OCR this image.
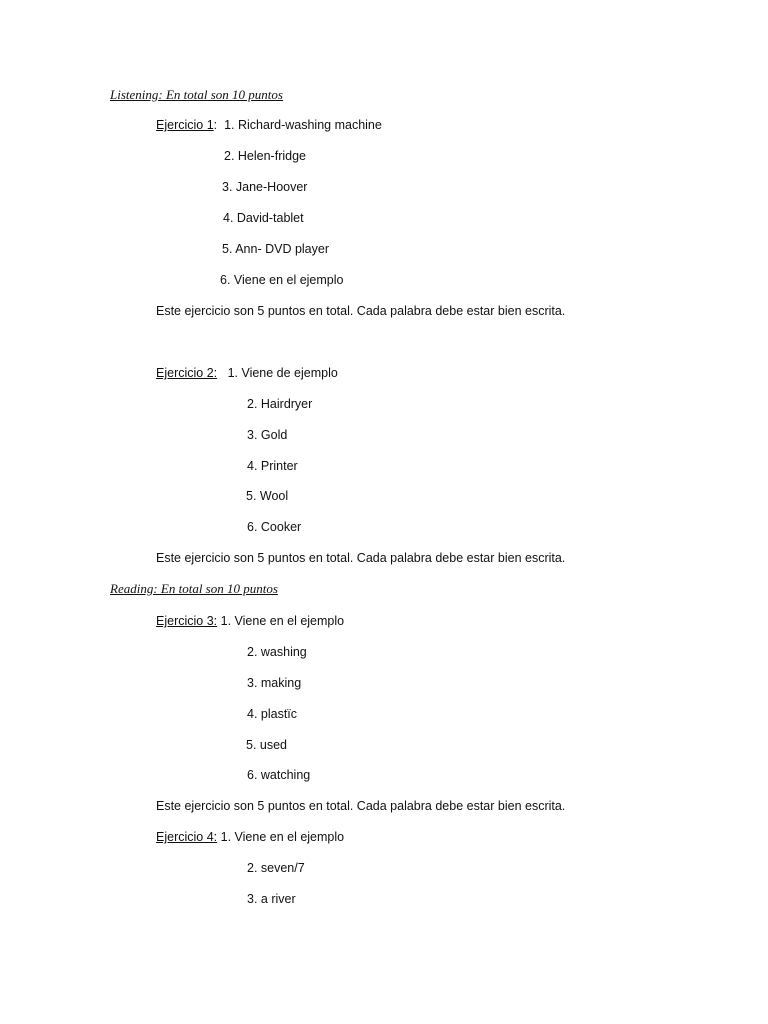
Listening: En total son 10 puntos
Ejercicio 1: 1. Richard-washing machine
2. Helen-fridge
3. Jane-Hoover
4. David-tablet
5. Ann- DVD player
6. Viene en el ejemplo
Este ejercicio son 5 puntos en total. Cada palabra debe estar bien escrita.
Ejercicio 2: 1. Viene de ejemplo
2. Hairdryer
3. Gold
4. Printer
5. Wool
6. Cooker
Este ejercicio son 5 puntos en total. Cada palabra debe estar bien escrita.
Reading: En total son 10 puntos
Ejercicio 3: 1. Viene en el ejemplo
2. washing
3. making
4. plastïc
5. used
6. watching
Este ejercicio son 5 puntos en total. Cada palabra debe estar bien escrita.
Ejercicio 4: 1. Viene en el ejemplo
2. seven/7
3. a river
